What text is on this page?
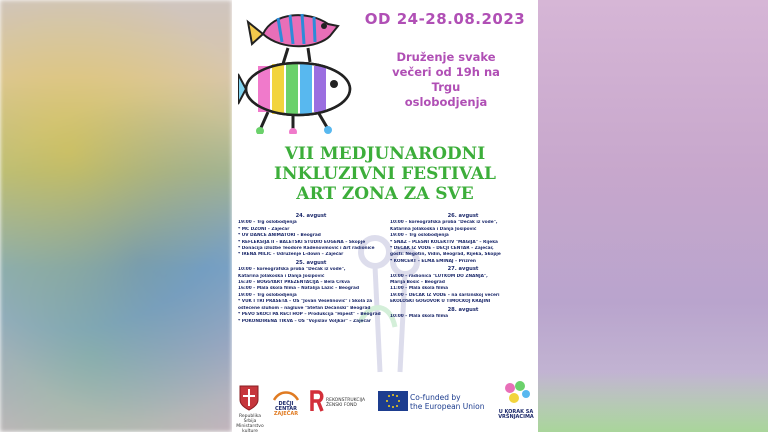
OD 24-28.08.2023
Druženje svake
večeri od 19h na
Trgu
oslobodjenja
VII MEDJUNARODNI
INKLUZIVNI FESTIVAL
ART ZONA ZA SVE
24. avgust
19:00 – Trg oslobodjenja
* MC DŽONI – Zaječar
* UV DANCE ANIMATORI – Beograd
* REFLEKSIJA II – BALETSKI STUDIO EUGENA – Skopje
* Donacija izložbe Teodore Radenovmović i Art radionice
* IRENA MILIĆ – Udruženje L-down – Zaječar
25. avgust
10:00 – koreografska proba "Dečak iz vode",
Katarina Jolakoska i Danja Josipović
16:30 – BOGGYART PREZENTACIJA – Bela Crkva
16:00 – Mala škola filma – Natalija Lazić – Beograd
19:00 – Trg oslobodjenja
* VUK I TRI PRASETA – OŠ "Jovan Veselinović" i Škola za
oštećene sluhom – nagluve "Stefan Dečanski" Beograd
* PEVO SKOČI PA REČI HOP – Produkcija "Hipest" – Beograd
* POKONDIRENA TIKVA – OŠ "Vojislav Voljkar" – Zaječar
26. avgust
10:00 – koreografska proba "Dečak iz vode",
Katarina Jolakoska i Danja Josipović
19:00 – Trg oslobodjenja
* SNAŽ – PLESNI KOLEKTIV "MAGIJA" – Rijeka
* DEČAK IZ VODE – DEČJI CENTAR – Zaječar,
gosti: Negotin, Vidin, Beograd, Rijeka, Skopje
* KONCERT – ELMA EMINAJ – Prizren
27. avgust
10:00 – radionica "LUTKOM DO ZNANJA",
Marija Bosić – Beograd
11:00 – Mala škola filma
19:00 – DEČAK IZ VODE – na šaršinskoj večeri
EKOLOŠKI GOGOVOR U TIMOČKOJ KRAJINI
28. avgust
10:00 – Mala škola filma
Republika Srbija Ministarstvo kulture
DEČJI
CENTAR
ZAJEČAR
REKONSTRUKCIJA
ŽENSKI FOND
Co-funded by
the European Union
U KORAK SA
VRŠNJACIMA
